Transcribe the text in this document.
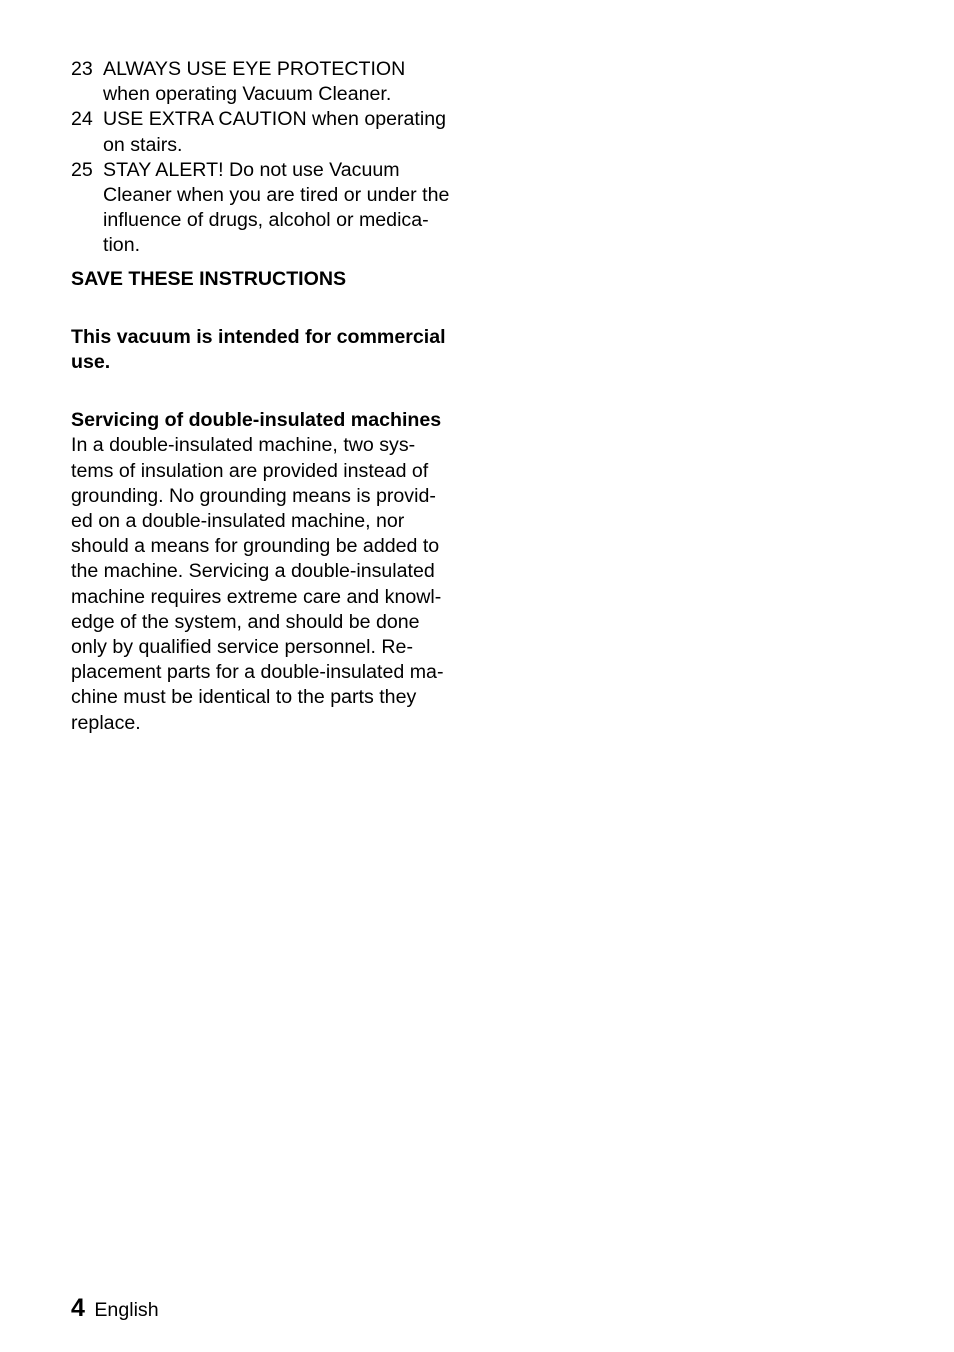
23 ALWAYS USE EYE PROTECTION
when operating Vacuum Cleaner.
24 USE EXTRA CAUTION when operating
on stairs.
25 STAY ALERT! Do not use Vacuum
Cleaner when you are tired or under the
influence of drugs, alcohol or medica-
tion.
SAVE THESE INSTRUCTIONS
This vacuum is intended for commercial
use.
Servicing of double-insulated machines
In a double-insulated machine, two sys-
tems of insulation are provided instead of
grounding. No grounding means is provid-
ed on a double-insulated machine, nor
should a means for grounding be added to
the machine. Servicing a double-insulated
machine requires extreme care and knowl-
edge of the system, and should be done
only by qualified service personnel. Re-
placement parts for a double-insulated ma-
chine must be identical to the parts they
replace.
4 English
